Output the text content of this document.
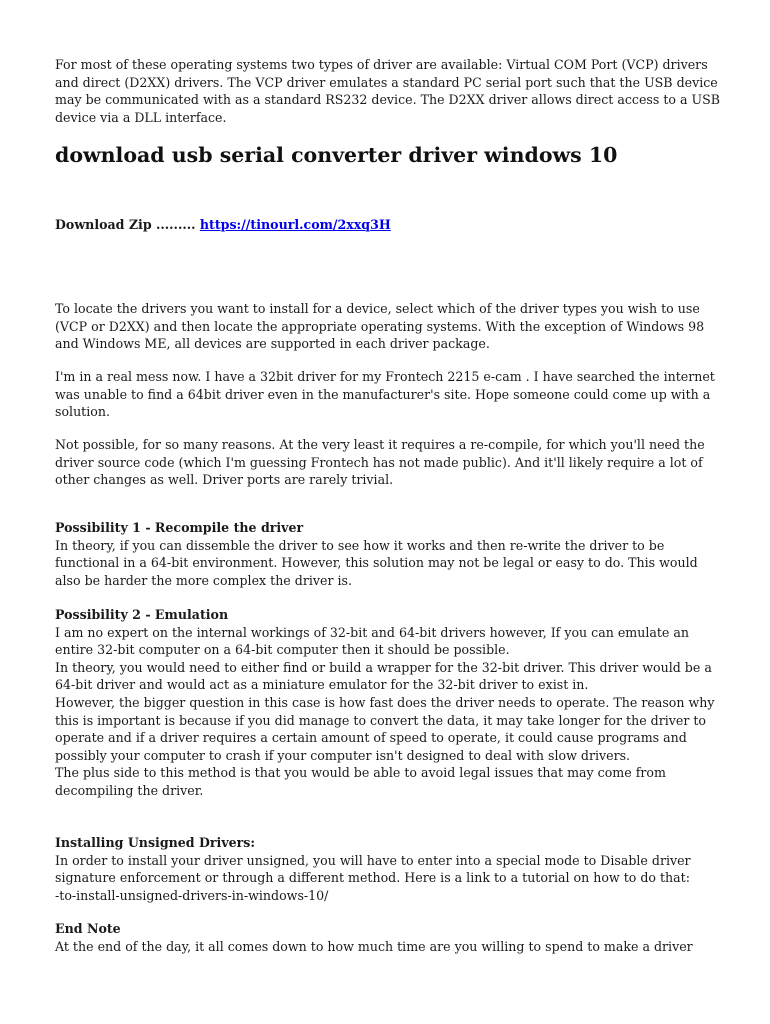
For most of these operating systems two types of driver are available: Virtual COM Port (VCP) drivers and direct (D2XX) drivers. The VCP driver emulates a standard PC serial port such that the USB device may be communicated with as a standard RS232 device. The D2XX driver allows direct access to a USB device via a DLL interface.

download usb serial converter driver windows 10

Download Zip ......... https://tinourl.com/2xxq3H

To locate the drivers you want to install for a device, select which of the driver types you wish to use (VCP or D2XX) and then locate the appropriate operating systems. With the exception of Windows 98 and Windows ME, all devices are supported in each driver package.

I'm in a real mess now. I have a 32bit driver for my Frontech 2215 e-cam . I have searched the internet was unable to find a 64bit driver even in the manufacturer's site. Hope someone could come up with a solution.

Not possible, for so many reasons. At the very least it requires a re-compile, for which you'll need the driver source code (which I'm guessing Frontech has not made public). And it'll likely require a lot of other changes as well. Driver ports are rarely trivial.

Possibility 1 - Recompile the driver
In theory, if you can dissemble the driver to see how it works and then re-write the driver to be functional in a 64-bit environment. However, this solution may not be legal or easy to do. This would also be harder the more complex the driver is.
Possibility 2 - Emulation
I am no expert on the internal workings of 32-bit and 64-bit drivers however, If you can emulate an entire 32-bit computer on a 64-bit computer then it should be possible.
In theory, you would need to either find or build a wrapper for the 32-bit driver. This driver would be a 64-bit driver and would act as a miniature emulator for the 32-bit driver to exist in.
However, the bigger question in this case is how fast does the driver needs to operate. The reason why this is important is because if you did manage to convert the data, it may take longer for the driver to operate and if a driver requires a certain amount of speed to operate, it could cause programs and possibly your computer to crash if your computer isn't designed to deal with slow drivers.
The plus side to this method is that you would be able to avoid legal issues that may come from decompiling the driver.
Installing Unsigned Drivers:
In order to install your driver unsigned, you will have to enter into a special mode to Disable driver signature enforcement or through a different method. Here is a link to a tutorial on how to do that:
-to-install-unsigned-drivers-in-windows-10/
End Note
At the end of the day, it all comes down to how much time are you willing to spend to make a driver
